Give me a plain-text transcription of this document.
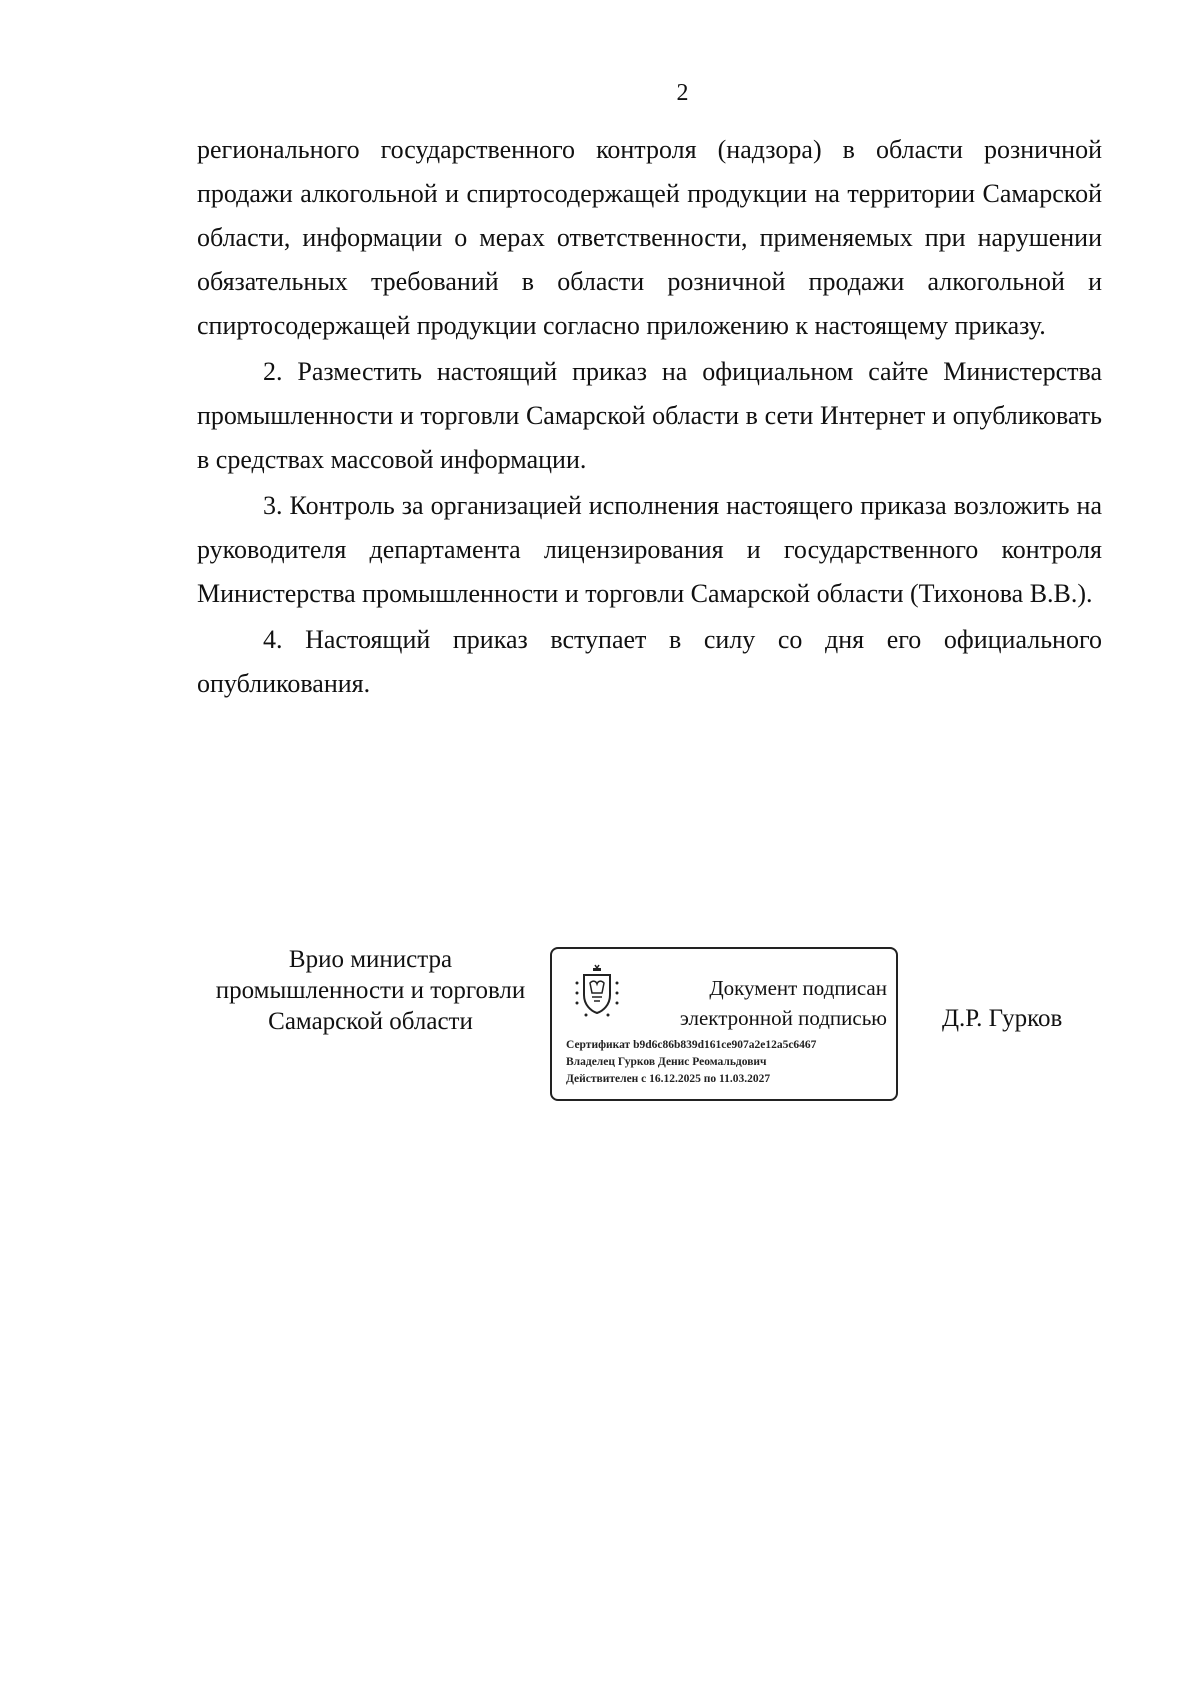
2

регионального государственного контроля (надзора) в области розничной продажи алкогольной и спиртосодержащей продукции на территории Самарской области, информации о мерах ответственности, применяемых при нарушении обязательных требований в области розничной продажи алкогольной и спиртосодержащей продукции согласно приложению к настоящему приказу.

2. Разместить настоящий приказ на официальном сайте Министерства промышленности и торговли Самарской области в сети Интернет и опубликовать в средствах массовой информации.

3. Контроль за организацией исполнения настоящего приказа возложить на руководителя департамента лицензирования и государственного контроля Министерства промышленности и торговли Самарской области (Тихонова В.В.).

4. Настоящий приказ вступает в силу со дня его официального опубликования.

Врио министра
промышленности и торговли
Самарской области
Документ подписан
электронной подписью
Сертификат b9d6c86b839d161ce907a2e12a5c6467
Владелец Гурков Денис Реомальдович
Действителен с 16.12.2025 по 11.03.2027
Д.Р. Гурков
